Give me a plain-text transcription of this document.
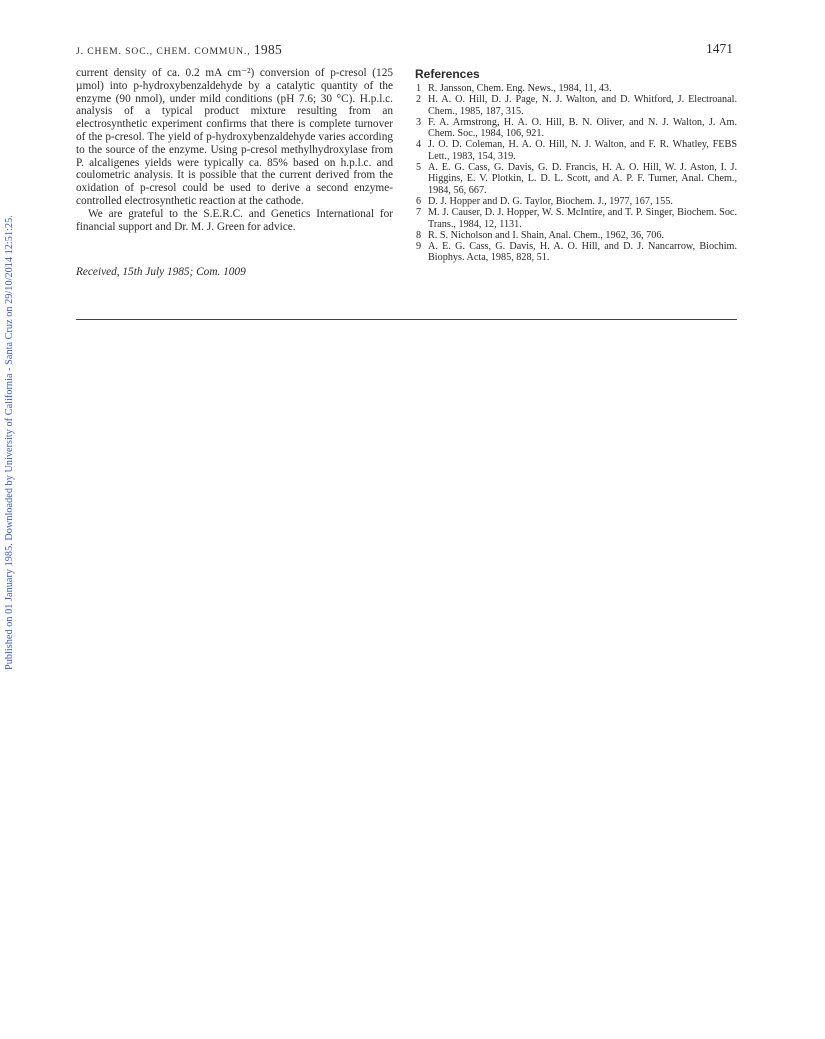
Published on 01 January 1985. Downloaded by University of California - Santa Cruz on 29/10/2014 12:51:25.
J. CHEM. SOC., CHEM. COMMUN., 1985	1471

current density of ca. 0.2 mA cm⁻²) conversion of p-cresol (125 µmol) into p-hydroxybenzaldehyde by a catalytic quantity of the enzyme (90 nmol), under mild conditions (pH 7.6; 30 °C). H.p.l.c. analysis of a typical product mixture resulting from an electrosynthetic experiment confirms that there is complete turnover of the p-cresol. The yield of p-hydroxybenzaldehyde varies according to the source of the enzyme. Using p-cresol methylhydroxylase from P. alcaligenes yields were typically ca. 85% based on h.p.l.c. and coulometric analysis. It is possible that the current derived from the oxidation of p-cresol could be used to derive a second enzyme-controlled electrosynthetic reaction at the cathode.

We are grateful to the S.E.R.C. and Genetics International for financial support and Dr. M. J. Green for advice.

Received, 15th July 1985; Com. 1009
References
1 R. Jansson, Chem. Eng. News., 1984, 11, 43.
2 H. A. O. Hill, D. J. Page, N. J. Walton, and D. Whitford, J. Electroanal. Chem., 1985, 187, 315.
3 F. A. Armstrong, H. A. O. Hill, B. N. Oliver, and N. J. Walton, J. Am. Chem. Soc., 1984, 106, 921.
4 J. O. D. Coleman, H. A. O. Hill, N. J. Walton, and F. R. Whatley, FEBS Lett., 1983, 154, 319.
5 A. E. G. Cass, G. Davis, G. D. Francis, H. A. O. Hill, W. J. Aston, I. J. Higgins, E. V. Plotkin, L. D. L. Scott, and A. P. F. Turner, Anal. Chem., 1984, 56, 667.
6 D. J. Hopper and D. G. Taylor, Biochem. J., 1977, 167, 155.
7 M. J. Causer, D. J. Hopper, W. S. McIntire, and T. P. Singer, Biochem. Soc. Trans., 1984, 12, 1131.
8 R. S. Nicholson and I. Shain, Anal. Chem., 1962, 36, 706.
9 A. E. G. Cass, G. Davis, H. A. O. Hill, and D. J. Nancarrow, Biochim. Biophys. Acta, 1985, 828, 51.
